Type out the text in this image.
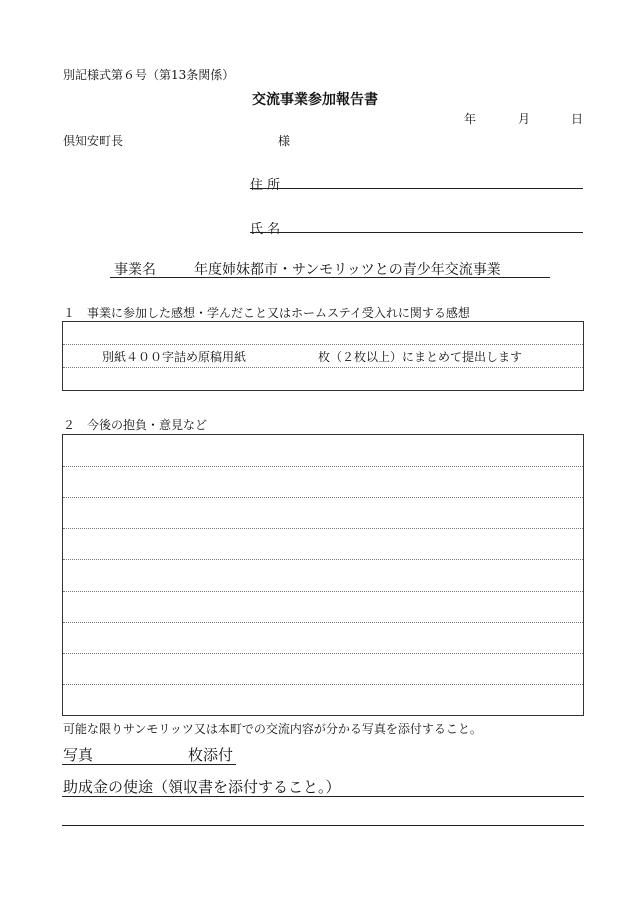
別記様式第６号（第13条関係）
交流事業参加報告書
年	月	日
倶知安町長	様
住 所
氏 名
事業名	年度姉妹都市・サンモリッツとの青少年交流事業
１　事業に参加した感想・学んだこと又はホームステイ受入れに関する感想
別紙４００字詰め原稿用紙	枚（２枚以上）にまとめて提出します
２　今後の抱負・意見など
可能な限りサンモリッツ又は本町での交流内容が分かる写真を添付すること。
写真	枚添付
助成金の使途（領収書を添付すること。）
